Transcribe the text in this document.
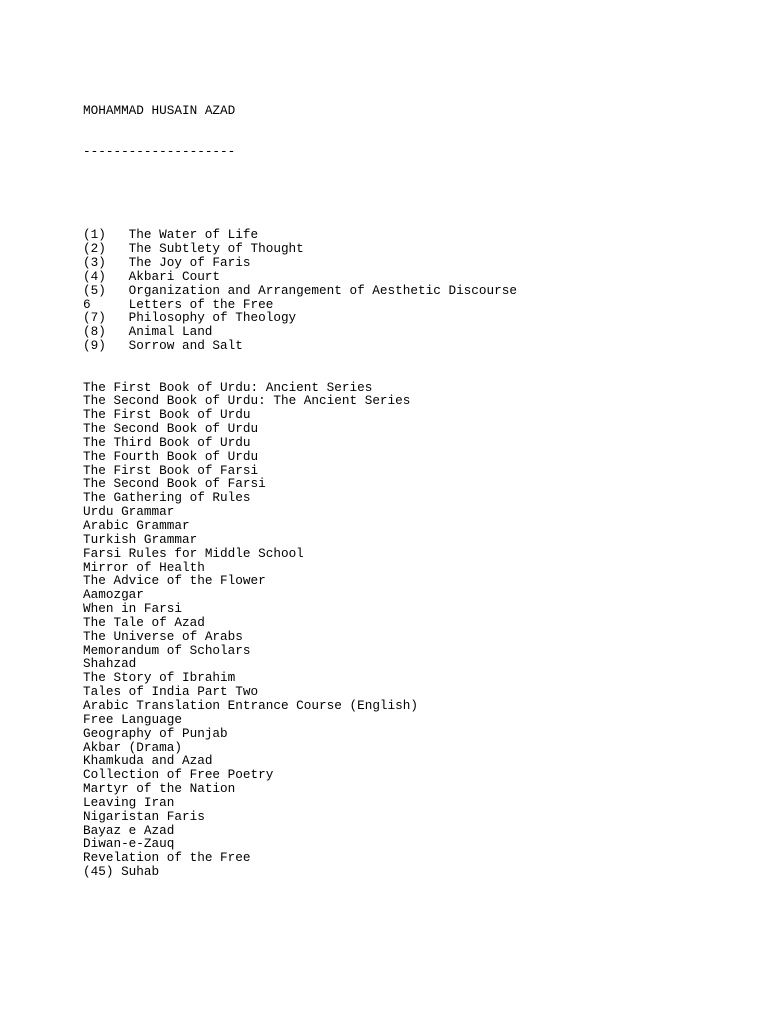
MOHAMMAD HUSAIN AZAD

--------------------

(1) The Water of Life
(2) The Subtlety of Thought
(3) The Joy of Faris
(4) Akbari Court
(5) Organization and Arrangement of Aesthetic Discourse
6	Letters of the Free
(7) Philosophy of Theology
(8) Animal Land
(9) Sorrow and Salt

The First Book of Urdu: Ancient Series
The Second Book of Urdu: The Ancient Series
The First Book of Urdu
The Second Book of Urdu
The Third Book of Urdu
The Fourth Book of Urdu
The First Book of Farsi
The Second Book of Farsi
The Gathering of Rules
Urdu Grammar
Arabic Grammar
Turkish Grammar
Farsi Rules for Middle School
Mirror of Health
The Advice of the Flower
Aamozgar
When in Farsi
The Tale of Azad
The Universe of Arabs
Memorandum of Scholars
Shahzad
The Story of Ibrahim
Tales of India Part Two
Arabic Translation Entrance Course (English)
Free Language
Geography of Punjab
Akbar (Drama)
Khamkuda and Azad
Collection of Free Poetry
Martyr of the Nation
Leaving Iran
Nigaristan Faris
Bayaz e Azad
Diwan-e-Zauq
Revelation of the Free
(45) Suhab
